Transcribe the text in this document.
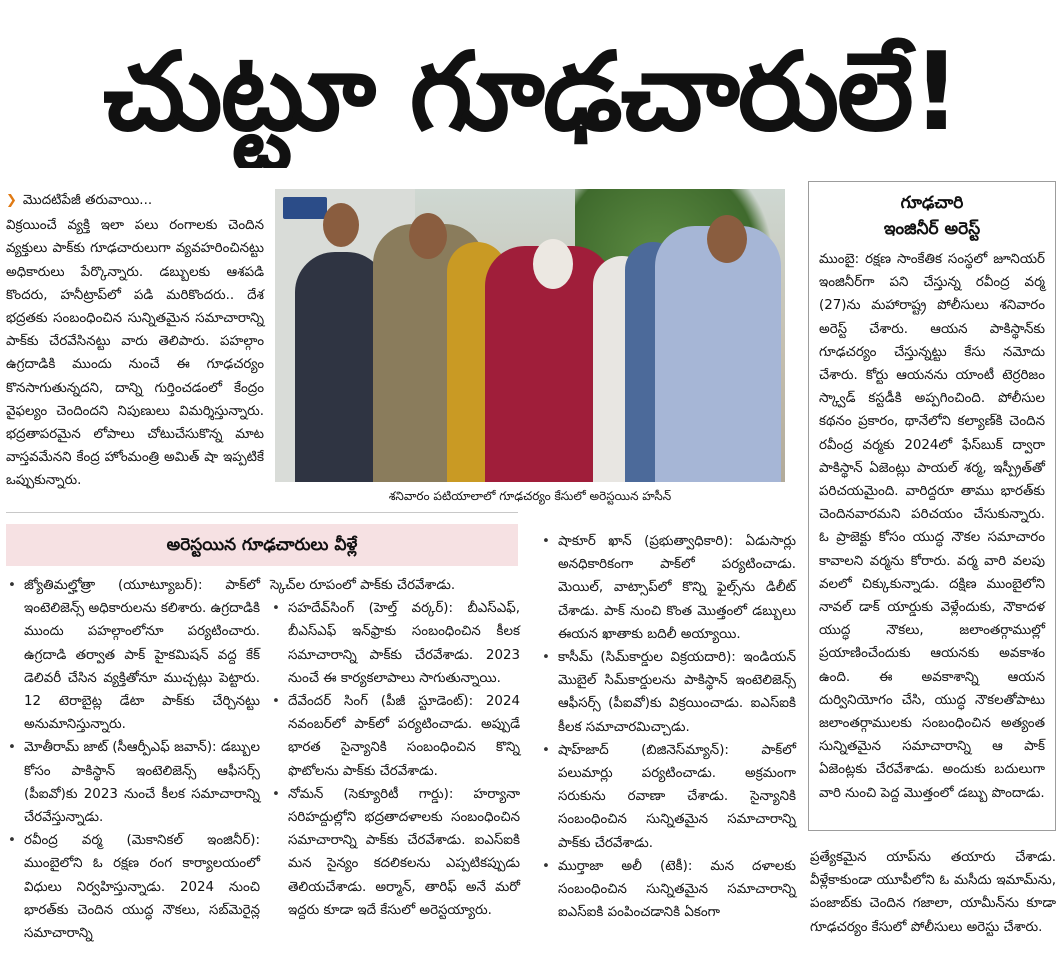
చుట్టూ గూఢచారులే!
❯ మొదటిపేజీ తరువాయి...

విక్రయించే వ్యక్తి ఇలా పలు రంగాలకు చెందిన వ్యక్తులు పాక్‌కు గూఢచారులుగా వ్యవహరించినట్టు అధికారులు పేర్కొన్నారు. డబ్బులకు ఆశపడి కొందరు, హనీట్రాప్‌లో పడి మరికొందరు.. దేశ భద్రతకు సంబంధించిన సున్నితమైన సమాచారాన్ని పాక్‌కు చేరవేసినట్టు వారు తెలిపారు. పహల్గాం ఉగ్రదాడికి ముందు నుంచే ఈ గూఢచర్యం కొనసాగుతున్నదని, దాన్ని గుర్తించడంలో కేంద్రం వైఫల్యం చెందిందని నిపుణులు విమర్శిస్తున్నారు. భద్రతాపరమైన లోపాలు చోటుచేసుకొన్న మాట వాస్తవమేనని కేంద్ర హోంమంత్రి అమిత్‌ షా ఇప్పటికే ఒప్పుకున్నారు.

శనివారం పటియాలాలో గూఢచర్యం కేసులో అరెస్టయిన హసీన్‌
గూఢచారి
ఇంజినీర్‌ అరెస్ట్‌
ముంబై: రక్షణ సాంకేతిక సంస్థలో జూనియర్‌ ఇంజినీర్‌గా పని చేస్తున్న రవీంద్ర వర్మ (27)ను మహారాష్ట్ర పోలీసులు శనివారం అరెస్ట్‌ చేశారు. ఆయన పాకిస్థాన్‌కు గూఢచర్యం చేస్తున్నట్టు కేసు నమోదు చేశారు. కోర్టు ఆయనను యాంటీ టెర్రరిజం స్క్వాడ్‌ కస్టడీకి అప్పగించింది. పోలీసుల కథనం ప్రకారం, థానేలోని కల్యాణ్‌కి చెందిన రవీంద్ర వర్మకు 2024లో ఫేస్‌బుక్‌ ద్వారా పాకిస్థాన్‌ ఏజెంట్లు పాయల్‌ శర్మ, ఇస్ప్రీత్‌తో పరిచయమైంది. వారిద్దరూ తాము భారత్‌కు చెందినవారమని పరిచయం చేసుకున్నారు. ఓ ప్రాజెక్టు కోసం యుద్ధ నౌకల సమాచారం కావాలని వర్మను కోరారు. వర్మ వారి వలపు వలలో చిక్కుకున్నాడు. దక్షిణ ముంబైలోని నావల్‌ డాక్‌ యార్డుకు వెళ్లేందుకు, నౌకాదళ యుద్ధ నౌకలు, జలాంతర్గాముల్లో ప్రయాణించేందుకు ఆయనకు అవకాశం ఉంది. ఈ అవకాశాన్ని ఆయన దుర్వినియోగం చేసి, యుద్ధ నౌకలతోపాటు జలాంతర్గాములకు సంబంధించిన అత్యంత సున్నితమైన సమాచారాన్ని ఆ పాక్‌ ఏజెంట్లకు చేరవేశాడు. అందుకు బదులుగా వారి నుంచి పెద్ద మొత్తంలో డబ్బు పొందాడు.
అరెస్టయిన గూఢచారులు వీళ్లే
• జ్యోతిమల్హోత్రా (యూట్యూబర్‌): పాక్‌లో ఇంటెలిజెన్స్‌ అధికారులను కలిశారు. ఉగ్రదాడికి ముందు పహల్గాంలోనూ పర్యటించారు. ఉగ్రదాడి తర్వాత పాక్‌ హైకమిషన్‌ వద్ద కేక్‌ డెలివరీ చేసిన వ్యక్తితోనూ ముచ్చట్లు పెట్టారు. 12 టెరాబైట్ల డేటా పాక్‌కు చేర్చినట్టు అనుమానిస్తున్నారు.
• మోతీరామ్‌ జాట్‌ (సీఆర్పీఎఫ్‌ జవాన్‌): డబ్బుల కోసం పాకిస్థాన్‌ ఇంటెలిజెన్స్‌ ఆఫీసర్స్‌ (పీఐవో)కు 2023 నుంచే కీలక సమాచారాన్ని చేరవేస్తున్నాడు.
• రవీంద్ర వర్మ (మెకానికల్‌ ఇంజినీర్‌): ముంబైలోని ఓ రక్షణ రంగ కార్యాలయంలో విధులు నిర్వహిస్తున్నాడు. 2024 నుంచి భారత్‌కు చెందిన యుద్ధ నౌకలు, సబ్‌మెరైన్ల సమాచారాన్ని

స్కెచ్‌ల రూపంలో పాక్‌కు చేరవేశాడు.

• సహదేవ్‌సింగ్‌ (హెల్త్‌ వర్కర్‌): బీఎస్‌ఎఫ్‌, బీఎస్‌ఎఫ్‌ ఇన్‌ఫ్రాకు సంబంధించిన కీలక సమాచారాన్ని పాక్‌కు చేరవేశాడు. 2023 నుంచే ఈ కార్యకలాపాలు సాగుతున్నాయి.
• దేవేందర్‌ సింగ్‌ (పీజీ స్టూడెంట్‌): 2024 నవంబర్‌లో పాక్‌లో పర్యటించాడు. అప్పుడే భారత సైన్యానికి సంబంధించిన కొన్ని ఫొటోలను పాక్‌కు చేరవేశాడు.
• నోమన్‌ (సెక్యూరిటీ గార్డు): హర్యానా సరిహద్దుల్లోని భద్రతాదళాలకు సంబంధించిన సమాచారాన్ని పాక్‌కు చేరవేశాడు. ఐఎస్‌ఐకి మన సైన్యం కదలికలను ఎప్పటికప్పుడు తెలియచేశాడు. అర్మాన్‌, తారిఫ్‌ అనే మరో ఇద్దరు కూడా ఇదే కేసులో అరెస్టయ్యారు.
• షాకూర్‌ ఖాన్‌ (ప్రభుత్వాధికారి): ఏడుసార్లు అనధికారికంగా పాక్‌లో పర్యటించాడు. మెయిల్‌, వాట్సాప్‌లో కొన్ని ఫైల్స్‌ను డిలీట్‌ చేశాడు. పాక్‌ నుంచి కొంత మొత్తంలో డబ్బులు ఈయన ఖాతాకు బదిలీ అయ్యాయి.
• కాసీమ్‌ (సిమ్‌కార్డుల విక్రయదారి): ఇండియన్‌ మొబైల్‌ సిమ్‌కార్డులను పాకిస్థాన్‌ ఇంటెలిజెన్స్‌ ఆఫీసర్స్‌ (పీఐవో)కు విక్రయించాడు. ఐఎస్‌ఐకి కీలక సమాచారమిచ్చాడు.
• షాహ్‌జాద్‌ (బిజినెస్‌మ్యాన్‌): పాక్‌లో పలుమార్లు పర్యటించాడు. అక్రమంగా సరుకును రవాణా చేశాడు. సైన్యానికి సంబంధించిన సున్నితమైన సమాచారాన్ని పాక్‌కు చేరవేశాడు.
• ముర్తాజా అలీ (టెకీ): మన దళాలకు సంబంధించిన సున్నితమైన సమాచారాన్ని ఐఎస్‌ఐకి పంపించడానికి ఏకంగా
ప్రత్యేకమైన యాప్‌ను తయారు చేశాడు. వీళ్లేకాకుండా యూపీలోని ఓ మసీదు ఇమామ్‌ను, పంజాబ్‌కు చెందిన గజాలా, యామీన్‌ను కూడా గూఢచర్యం కేసులో పోలీసులు అరెస్టు చేశారు.
